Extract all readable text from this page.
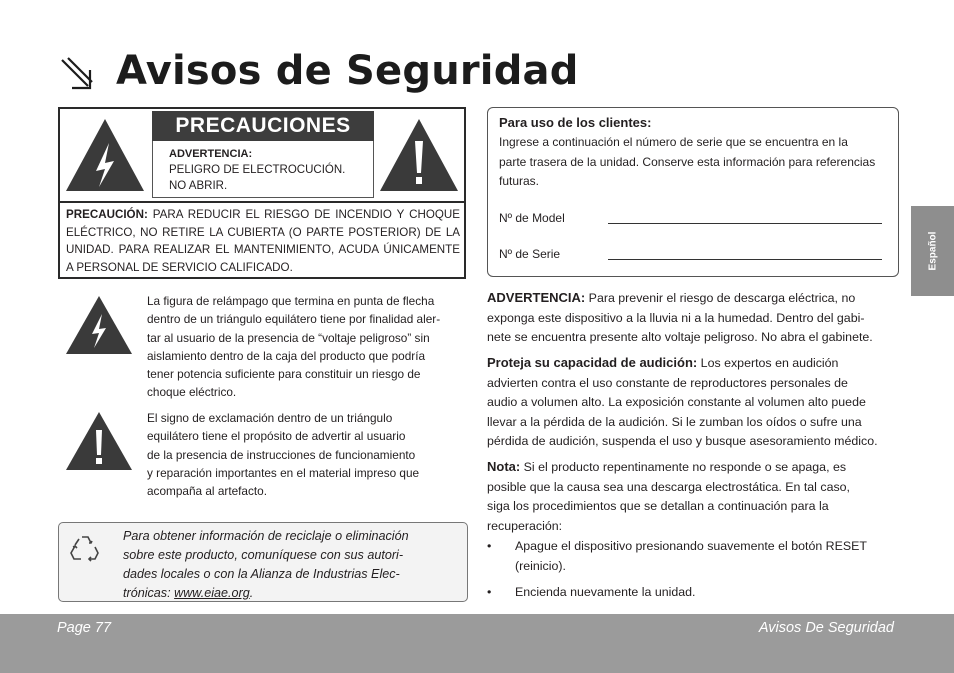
Avisos de Seguridad
PRECAUCIONES
PRECAUCIÓN: PARA REDUCIR EL RIESGO DE INCENDIO Y CHOQUE ELÉCTRICO, NO RETIRE LA CUBIERTA (O PARTE POSTERIOR) DE LA UNIDAD. PARA REALIZAR EL MANTENIMIENTO, ACUDA ÚNICAMENTE A PERSONAL DE SERVICIO CALIFICADO.
ADVERTENCIA:
PELIGRO DE ELECTROCUCIÓN.
NO ABRIR.
La figura de relámpago que termina en punta de flecha
dentro de un triángulo equilátero tiene por finalidad aler-
tar al usuario de la presencia de “voltaje peligroso” sin
aislamiento dentro de la caja del producto que podría
tener potencia suficiente para constituir un riesgo de
choque eléctrico.
El signo de exclamación dentro de un triángulo
equilátero tiene el propósito de advertir al usuario
de la presencia de instrucciones de funcionamiento
y reparación importantes en el material impreso que
acompaña al artefacto.
Para obtener información de reciclaje o eliminación
sobre este producto, comuníquese con sus autori-
dades locales o con la Alianza de Industrias Elec-
trónicas: www.eiae.org.
Para uso de los clientes:
Ingrese a continuación el número de serie que se encuentra en la
parte trasera de la unidad. Conserve esta información para referencias
futuras.
Nº de Model
Nº de Serie
ADVERTENCIA: Para prevenir el riesgo de descarga eléctrica, no
exponga este dispositivo a la lluvia ni a la humedad. Dentro del gabi-
nete se encuentra presente alto voltaje peligroso. No abra el gabinete.
Proteja su capacidad de audición: Los expertos en audición
advierten contra el uso constante de reproductores personales de
audio a volumen alto. La exposición constante al volumen alto puede
llevar a la pérdida de la audición. Si le zumban los oídos o sufre una
pérdida de audición, suspenda el uso y busque asesoramiento médico.
Nota: Si el producto repentinamente no responde o se apaga, es
posible que la causa sea una descarga electrostática. En tal caso,
siga los procedimientos que se detallan a continuación para la
recuperación:
• Apague el dispositivo presionando suavemente el botón RESET
(reinicio).
• Encienda nuevamente la unidad.
Español
Page 77	Avisos De Seguridad
